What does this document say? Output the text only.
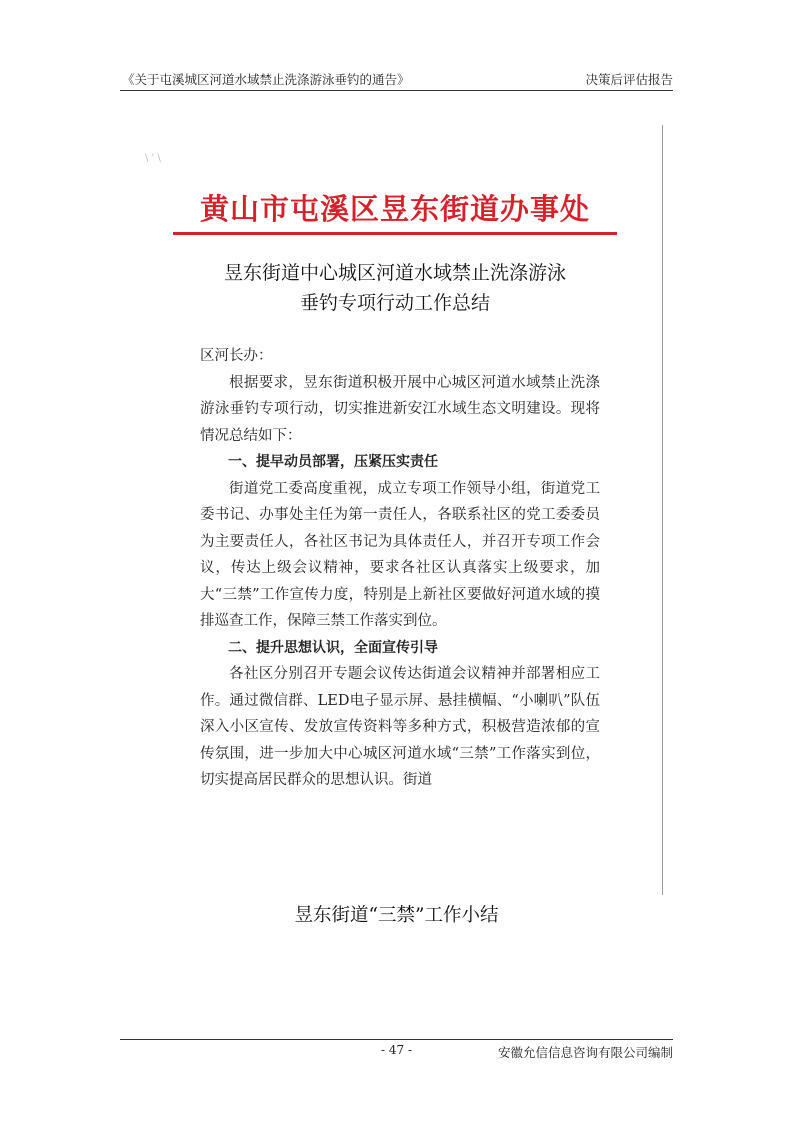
《关于屯溪城区河道水域禁止洗涤游泳垂钓的通告》	决策后评估报告
\ ' \
黄山市屯溪区昱东街道办事处
昱东街道中心城区河道水域禁止洗涤游泳
垂钓专项行动工作总结

区河长办：

根据要求，昱东街道积极开展中心城区河道水域禁止洗涤游泳垂钓专项行动，切实推进新安江水域生态文明建设。现将情况总结如下：

一、提早动员部署，压紧压实责任

街道党工委高度重视，成立专项工作领导小组，街道党工委书记、办事处主任为第一责任人，各联系社区的党工委委员为主要责任人，各社区书记为具体责任人，并召开专项工作会议，传达上级会议精神，要求各社区认真落实上级要求，加大“三禁”工作宣传力度，特别是上新社区要做好河道水域的摸排巡查工作，保障三禁工作落实到位。

二、提升思想认识，全面宣传引导

各社区分别召开专题会议传达街道会议精神并部署相应工作。通过微信群、LED电子显示屏、悬挂横幅、“小喇叭”队伍深入小区宣传、发放宣传资料等多种方式，积极营造浓郁的宣传氛围，进一步加大中心城区河道水域“三禁”工作落实到位，切实提高居民群众的思想认识。街道

昱东街道“三禁”工作小结
- 47 -	安徽允信信息咨询有限公司编制
